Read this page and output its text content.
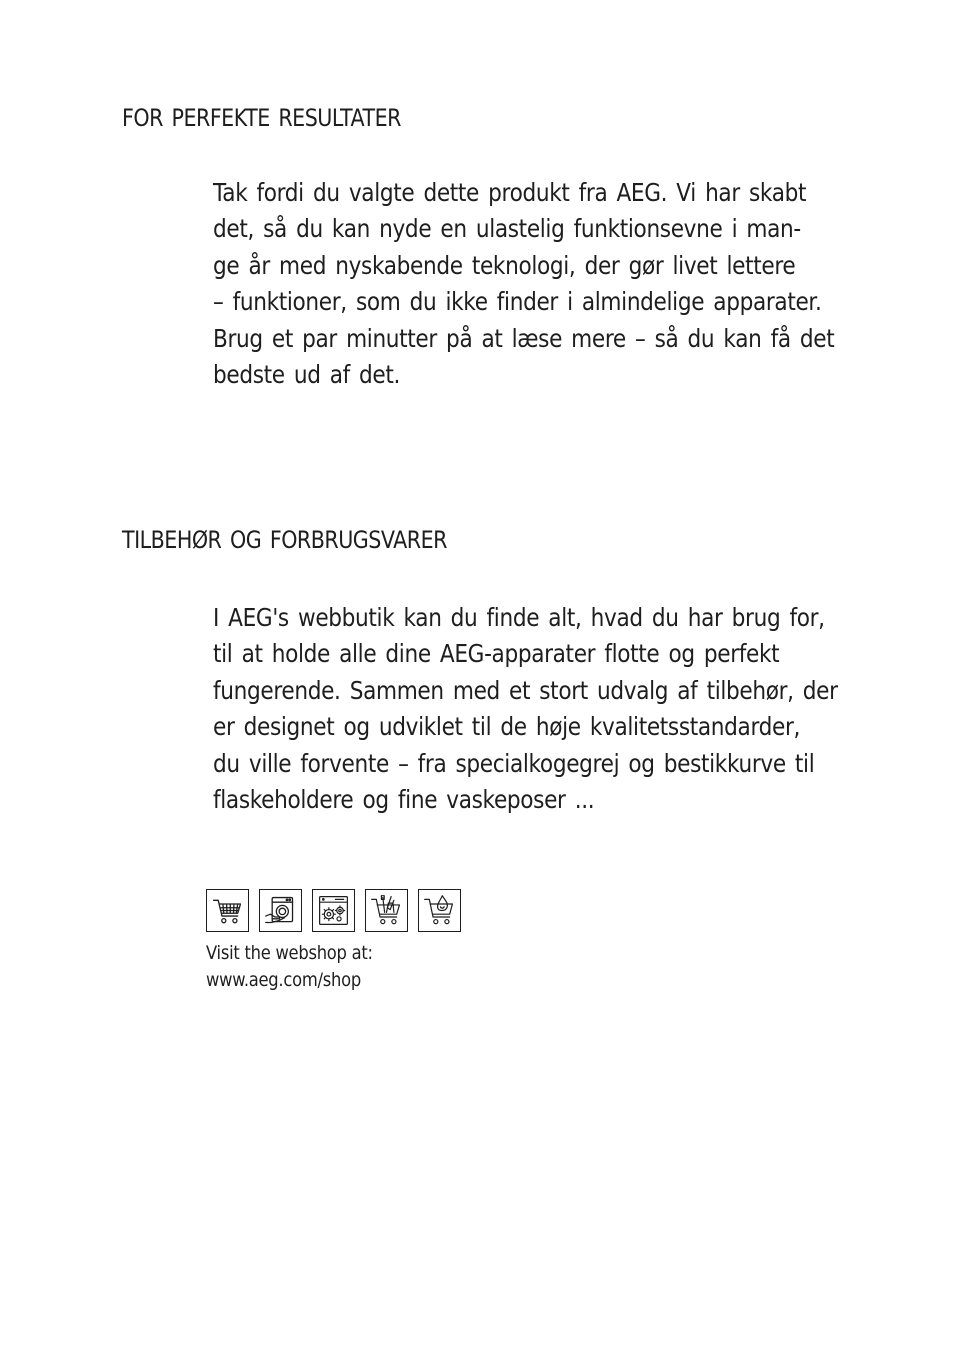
FOR PERFEKTE RESULTATER

Tak fordi du valgte dette produkt fra AEG. Vi har skabt
det, så du kan nyde en ulastelig funktionsevne i man-
ge år med nyskabende teknologi, der gør livet lettere
– funktioner, som du ikke finder i almindelige apparater.
Brug et par minutter på at læse mere – så du kan få det
bedste ud af det.

TILBEHØR OG FORBRUGSVARER

I AEG's webbutik kan du finde alt, hvad du har brug for,
til at holde alle dine AEG-apparater flotte og perfekt
fungerende. Sammen med et stort udvalg af tilbehør, der
er designet og udviklet til de høje kvalitetsstandarder,
du ville forvente – fra specialkogegrej og bestikkurve til
flaskeholdere og fine vaskeposer ...

Visit the webshop at:
www.aeg.com/shop
